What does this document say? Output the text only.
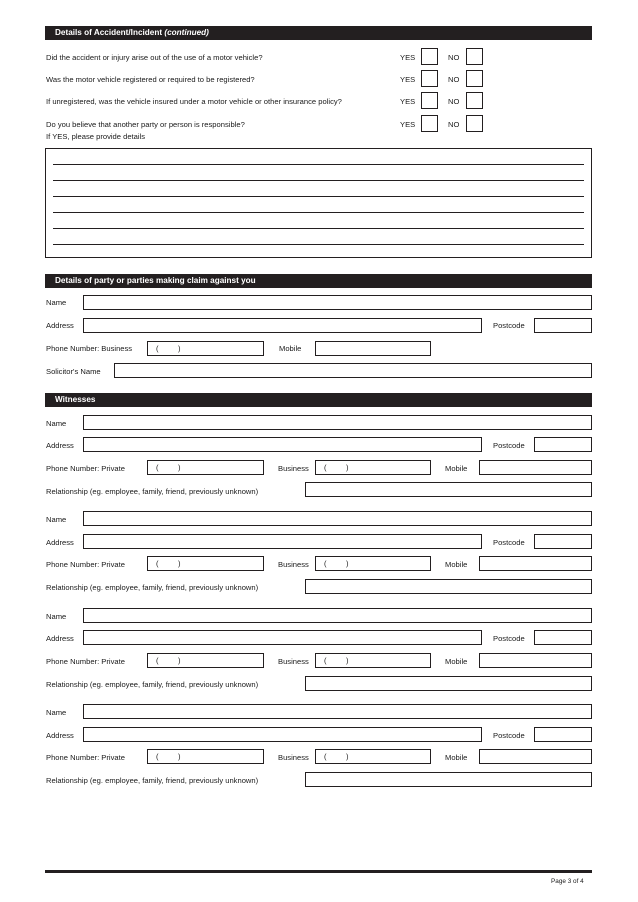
Details of Accident/Incident (continued)
Did the accident or injury arise out of the use of a motor vehicle?	YES	NO
Was the motor vehicle registered or required to be registered?	YES	NO
If unregistered, was the vehicle insured under a motor vehicle or other insurance policy?	YES	NO
Do you believe that another party or person is responsible?	YES	NO
If YES, please provide details
Details of party or parties making claim against you
Name
Address	Postcode
Phone Number: Business	(	)	Mobile
Solicitor's Name
Witnesses
Name
Address	Postcode
Phone Number: Private	(	)	Business (	)	Mobile
Relationship (eg. employee, family, friend, previously unknown)
Name
Address	Postcode
Phone Number: Private	(	)	Business (	)	Mobile
Relationship (eg. employee, family, friend, previously unknown)
Name
Address	Postcode
Phone Number: Private	(	)	Business (	)	Mobile
Relationship (eg. employee, family, friend, previously unknown)
Name
Address	Postcode
Phone Number: Private	(	)	Business (	)	Mobile
Relationship (eg. employee, family, friend, previously unknown)
Page 3 of 4
